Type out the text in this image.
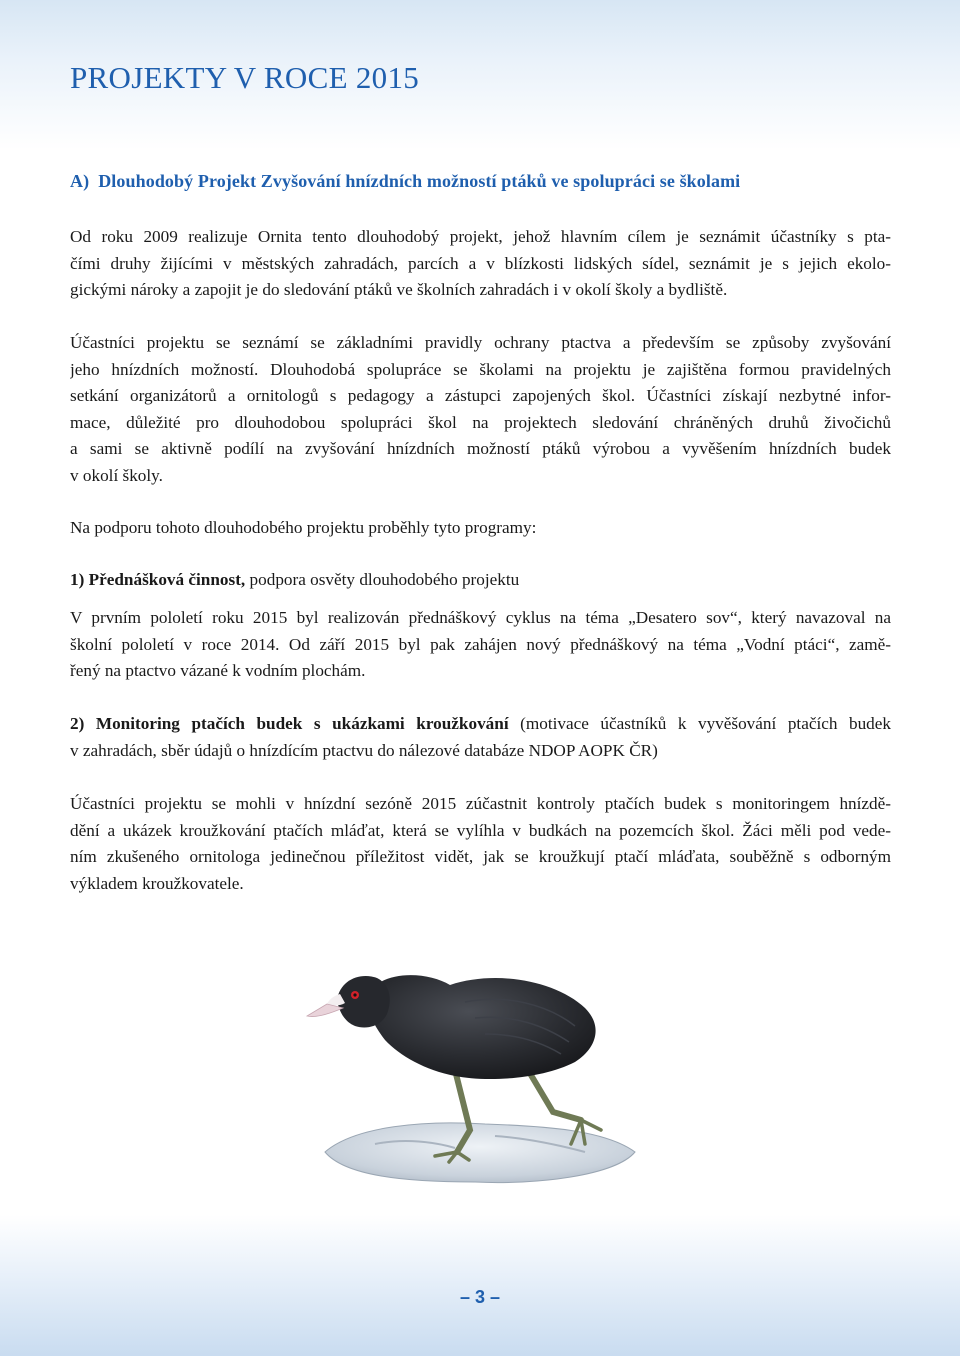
PROJEKTY V ROCE 2015
A) Dlouhodobý Projekt Zvyšování hnízdních možností ptáků ve spolupráci se školami
Od roku 2009 realizuje Ornita tento dlouhodobý projekt, jehož hlavním cílem je seznámit účastníky s pta-
čími druhy žijícími v městských zahradách, parcích a v blízkosti lidských sídel, seznámit je s jejich ekolo-
gickými nároky a zapojit je do sledování ptáků ve školních zahradách i v okolí školy a bydliště.
Účastníci projektu se seznámí se základními pravidly ochrany ptactva a především se způsoby zvyšování
jeho hnízdních možností. Dlouhodobá spolupráce se školami na projektu je zajištěna formou pravidelných
setkání organizátorů a ornitologů s pedagogy a zástupci zapojených škol. Účastníci získají nezbytné infor-
mace, důležité pro dlouhodobou spolupráci škol na projektech sledování chráněných druhů živočichů
a sami se aktivně podílí na zvyšování hnízdních možností ptáků výrobou a vyvěšením hnízdních budek
v okolí školy.
Na podporu tohoto dlouhodobého projektu proběhly tyto programy:
1) Přednášková činnost, podpora osvěty dlouhodobého projektu
V prvním pololetí roku 2015 byl realizován přednáškový cyklus na téma „Desatero sov“, který navazoval na
školní pololetí v roce 2014. Od září 2015 byl pak zahájen nový přednáškový na téma „Vodní ptáci“, zamě-
řený na ptactvo vázané k vodním plochám.
2) Monitoring ptačích budek s ukázkami kroužkování (motivace účastníků k vyvěšování ptačích budek
v zahradách, sběr údajů o hnízdícím ptactvu do nálezové databáze NDOP AOPK ČR)
Účastníci projektu se mohli v hnízdní sezóně 2015 zúčastnit kontroly ptačích budek s monitoringem hnízdě-
dění a ukázek kroužkování ptačích mláďat, která se vylíhla v budkách na pozemcích škol. Žáci měli pod vede-
ním zkušeného ornitologa jedinečnou příležitost vidět, jak se kroužkují ptačí mláďata, souběžně s odborným
výkladem kroužkovatele.
– 3 –
